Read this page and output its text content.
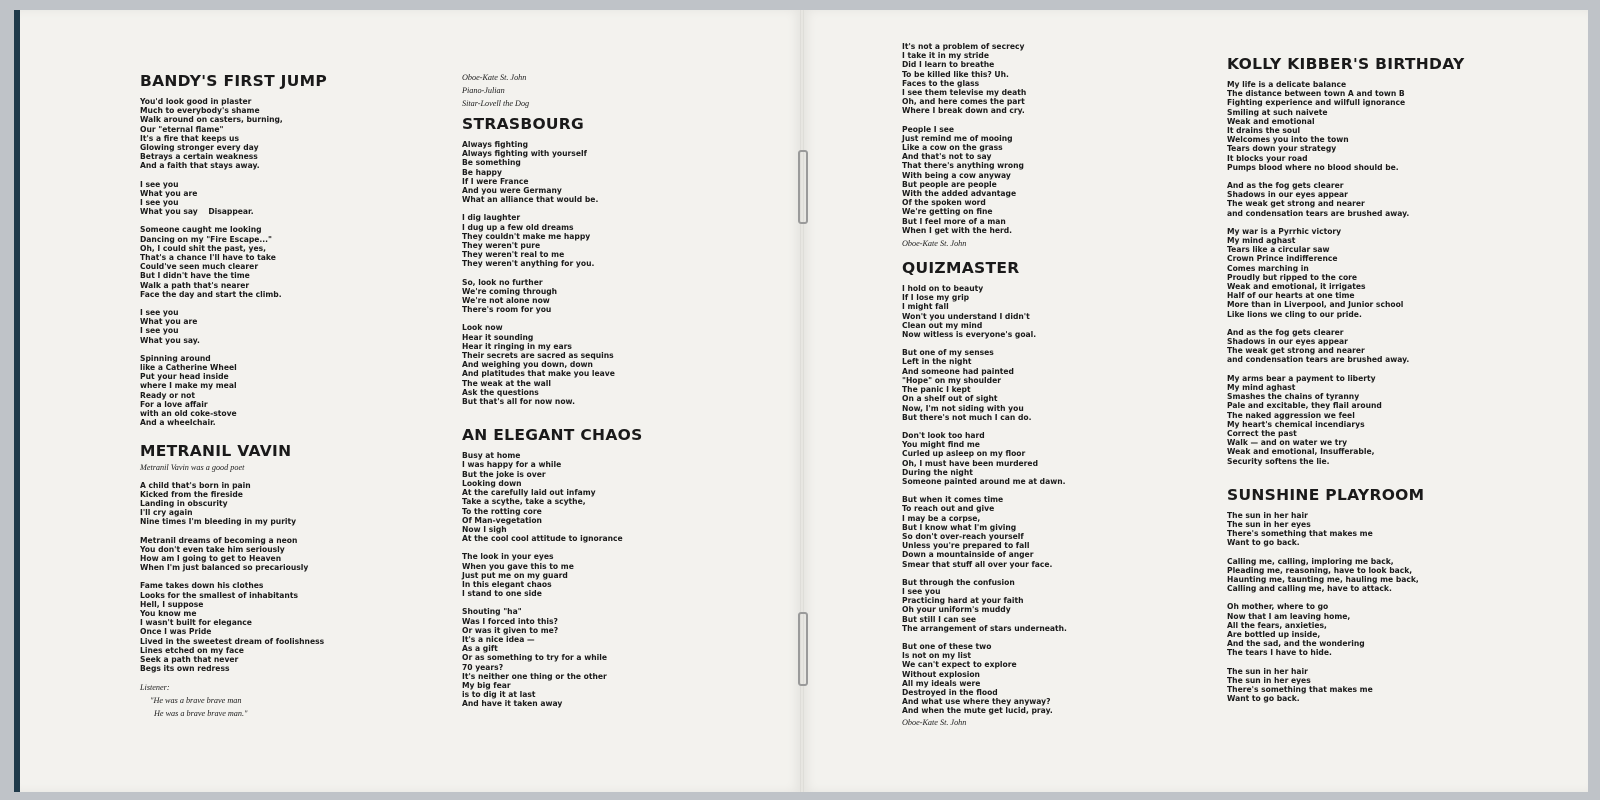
BANDY'S FIRST JUMP
You'd look good in plaster
Much to everybody's shame
Walk around on casters, burning,
Our "eternal flame"
It's a fire that keeps us
Glowing stronger every day
Betrays a certain weakness
And a faith that stays away.
I see you
What you are
I see you
What you say    Disappear.
Someone caught me looking
Dancing on my "Fire Escape..."
Oh, I could shit the past, yes,
That's a chance I'll have to take
Could've seen much clearer
But I didn't have the time
Walk a path that's nearer
Face the day and start the climb.
I see you
What you are
I see you
What you say.
Spinning around
like a Catherine Wheel
Put your head inside
where I make my meal
Ready or not
For a love affair
with an old coke-stove
And a wheelchair.
METRANIL VAVIN
Metranil Vavin was a good poet
A child that's born in pain
Kicked from the fireside
Landing in obscurity
I'll cry again
Nine times I'm bleeding in my purity
Metranil dreams of becoming a neon
You don't even take him seriously
How am I going to get to Heaven
When I'm just balanced so precariously
Fame takes down his clothes
Looks for the smallest of inhabitants
Hell, I suppose
You know me
I wasn't built for elegance
Once I was Pride
Lived in the sweetest dream of foolishness
Lines etched on my face
Seek a path that never
Begs its own redress
Listener:
"He was a brave brave man
He was a brave brave man."
Oboe-Kate St. John
Piano-Julian
Sitar-Lovell the Dog
STRASBOURG
Always fighting
Always fighting with yourself
Be something
Be happy
If I were France
And you were Germany
What an alliance that would be.
I dig laughter
I dug up a few old dreams
They couldn't make me happy
They weren't pure
They weren't real to me
They weren't anything for you.
So, look no further
We're coming through
We're not alone now
There's room for you
Look now
Hear it sounding
Hear it ringing in my ears
Their secrets are sacred as sequins
And weighing you down, down
And platitudes that make you leave
The weak at the wall
Ask the questions
But that's all for now now.
AN ELEGANT CHAOS
Busy at home
I was happy for a while
But the joke is over
Looking down
At the carefully laid out infamy
Take a scythe, take a scythe,
To the rotting core
Of Man-vegetation
Now I sigh
At the cool cool attitude to ignorance
The look in your eyes
When you gave this to me
Just put me on my guard
In this elegant chaos
I stand to one side
Shouting "ha"
Was I forced into this?
Or was it given to me?
It's a nice idea —
As a gift
Or as something to try for a while
70 years?
It's neither one thing or the other
My big fear
is to dig it at last
And have it taken away
It's not a problem of secrecy
I take it in my stride
Did I learn to breathe
To be killed like this? Uh.
Faces to the glass
I see them televise my death
Oh, and here comes the part
Where I break down and cry.
People I see
Just remind me of mooing
Like a cow on the grass
And that's not to say
That there's anything wrong
With being a cow anyway
But people are people
With the added advantage
Of the spoken word
We're getting on fine
But I feel more of a man
When I get with the herd.
Oboe-Kate St. John
QUIZMASTER
I hold on to beauty
If I lose my grip
I might fall
Won't you understand I didn't
Clean out my mind
Now witless is everyone's goal.
But one of my senses
Left in the night
And someone had painted
"Hope" on my shoulder
The panic I kept
On a shelf out of sight
Now, I'm not siding with you
But there's not much I can do.
Don't look too hard
You might find me
Curled up asleep on my floor
Oh, I must have been murdered
During the night
Someone painted around me at dawn.
But when it comes time
To reach out and give
I may be a corpse,
But I know what I'm giving
So don't over-reach yourself
Unless you're prepared to fall
Down a mountainside of anger
Smear that stuff all over your face.
But through the confusion
I see you
Practicing hard at your faith
Oh your uniform's muddy
But still I can see
The arrangement of stars underneath.
But one of these two
Is not on my list
We can't expect to explore
Without explosion
All my ideals were
Destroyed in the flood
And what use where they anyway?
And when the mute get lucid, pray.
Oboe-Kate St. John
KOLLY KIBBER'S BIRTHDAY
My life is a delicate balance
The distance between town A and town B
Fighting experience and wilfull ignorance
Smiling at such naivete
Weak and emotional
It drains the soul
Welcomes you into the town
Tears down your strategy
It blocks your road
Pumps blood where no blood should be.
And as the fog gets clearer
Shadows in our eyes appear
The weak get strong and nearer
and condensation tears are brushed away.
My war is a Pyrrhic victory
My mind aghast
Tears like a circular saw
Crown Prince indifference
Comes marching in
Proudly but ripped to the core
Weak and emotional, it irrigates
Half of our hearts at one time
More than in Liverpool, and Junior school
Like lions we cling to our pride.
And as the fog gets clearer
Shadows in our eyes appear
The weak get strong and nearer
and condensation tears are brushed away.
My arms bear a payment to liberty
My mind aghast
Smashes the chains of tyranny
Pale and excitable, they flail around
The naked aggression we feel
My heart's chemical incendiarys
Correct the past
Walk — and on water we try
Weak and emotional, Insufferable,
Security softens the lie.
SUNSHINE PLAYROOM
The sun in her hair
The sun in her eyes
There's something that makes me
Want to go back.
Calling me, calling, imploring me back,
Pleading me, reasoning, have to look back,
Haunting me, taunting me, hauling me back,
Calling and calling me, have to attack.
Oh mother, where to go
Now that I am leaving home,
All the fears, anxieties,
Are bottled up inside,
And the sad, and the wondering
The tears I have to hide.
The sun in her hair
The sun in her eyes
There's something that makes me
Want to go back.
